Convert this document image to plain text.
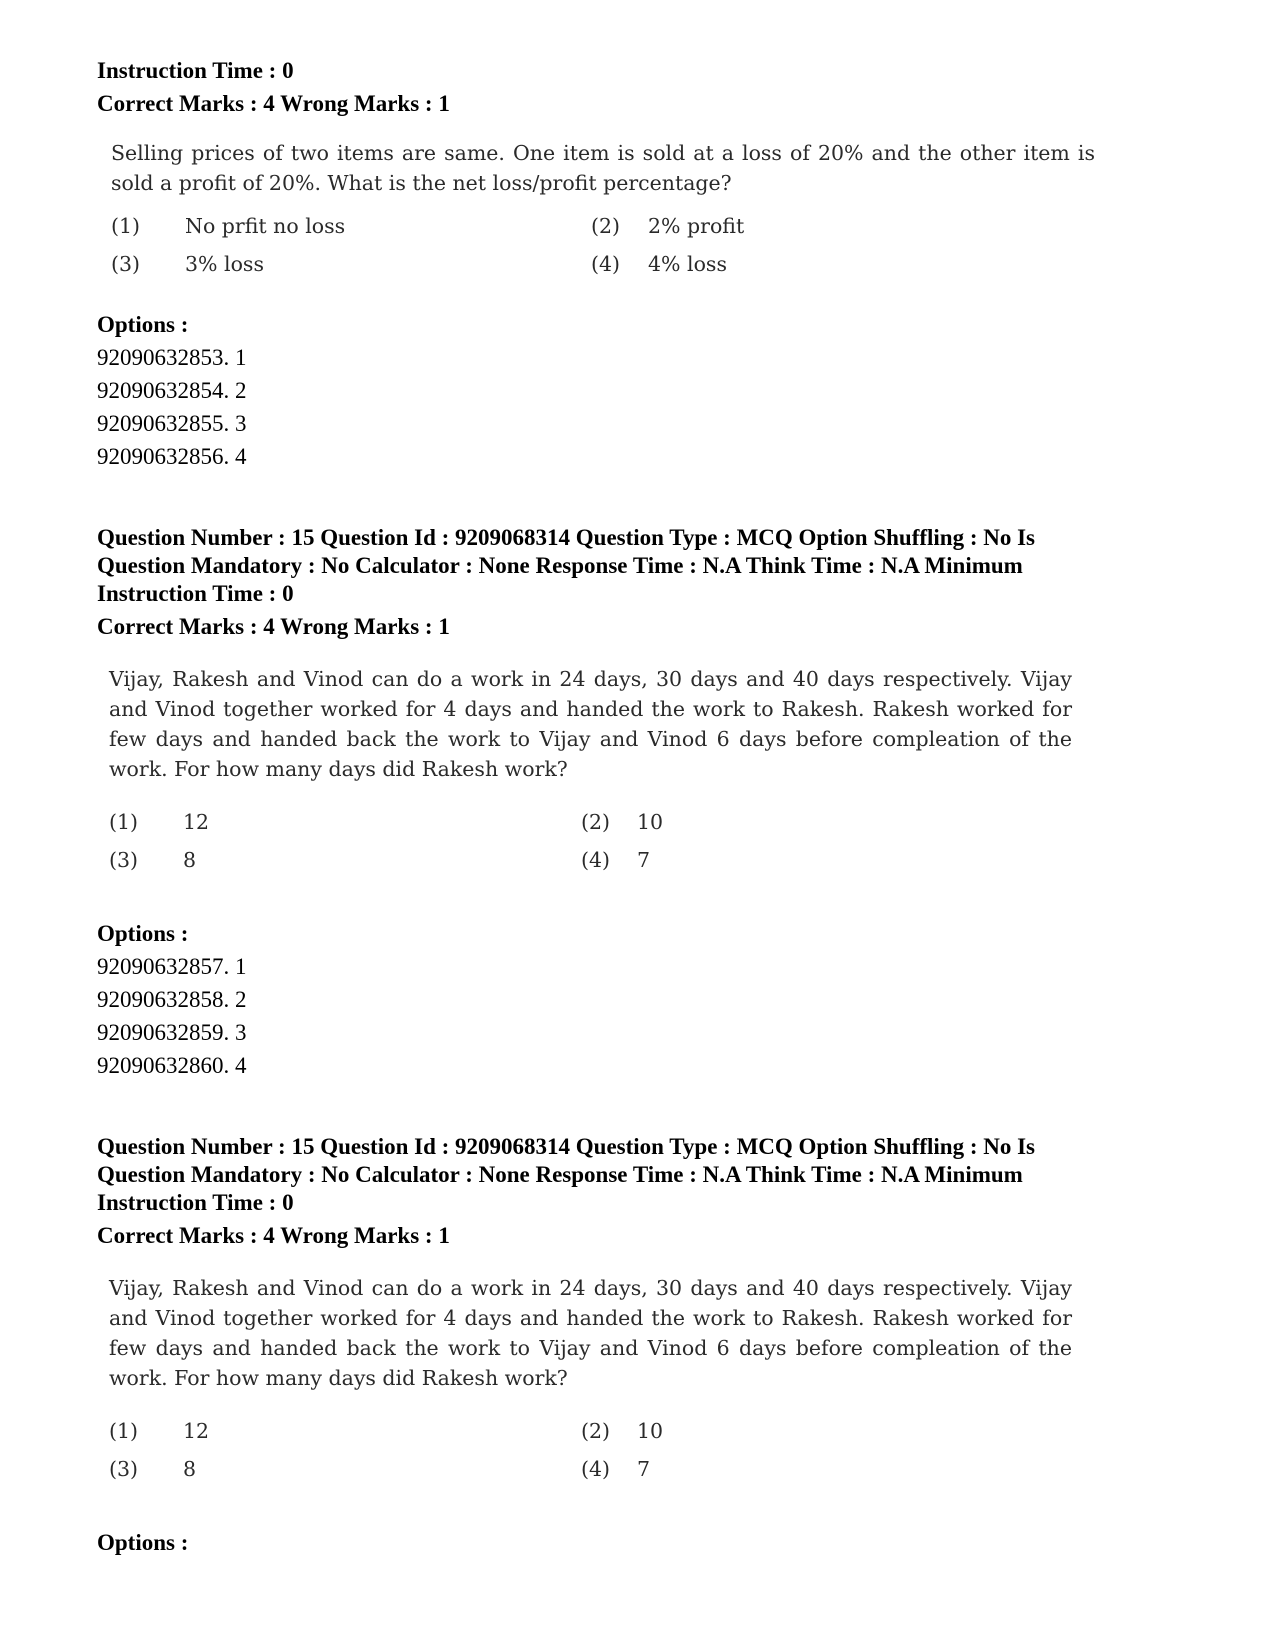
Instruction Time : 0
Correct Marks : 4 Wrong Marks : 1
Selling prices of two items are same. One item is sold at a loss of 20% and the other item is sold a profit of 20%. What is the net loss/profit percentage?
(1) No prfit no loss	(2) 2% profit
(3) 3% loss	(4) 4% loss
Options :
92090632853. 1
92090632854. 2
92090632855. 3
92090632856. 4
Question Number : 15 Question Id : 9209068314 Question Type : MCQ Option Shuffling : No Is
Question Mandatory : No Calculator : None Response Time : N.A Think Time : N.A Minimum
Instruction Time : 0
Correct Marks : 4 Wrong Marks : 1
Vijay, Rakesh and Vinod can do a work in 24 days, 30 days and 40 days respectively. Vijay and Vinod together worked for 4 days and handed the work to Rakesh. Rakesh worked for few days and handed back the work to Vijay and Vinod 6 days before compleation of the work. For how many days did Rakesh work?
(1) 12	(2) 10
(3) 8	(4) 7
Options :
92090632857. 1
92090632858. 2
92090632859. 3
92090632860. 4
Question Number : 15 Question Id : 9209068314 Question Type : MCQ Option Shuffling : No Is
Question Mandatory : No Calculator : None Response Time : N.A Think Time : N.A Minimum
Instruction Time : 0
Correct Marks : 4 Wrong Marks : 1
Vijay, Rakesh and Vinod can do a work in 24 days, 30 days and 40 days respectively. Vijay and Vinod together worked for 4 days and handed the work to Rakesh. Rakesh worked for few days and handed back the work to Vijay and Vinod 6 days before compleation of the work. For how many days did Rakesh work?
(1) 12	(2) 10
(3) 8	(4) 7
Options :
